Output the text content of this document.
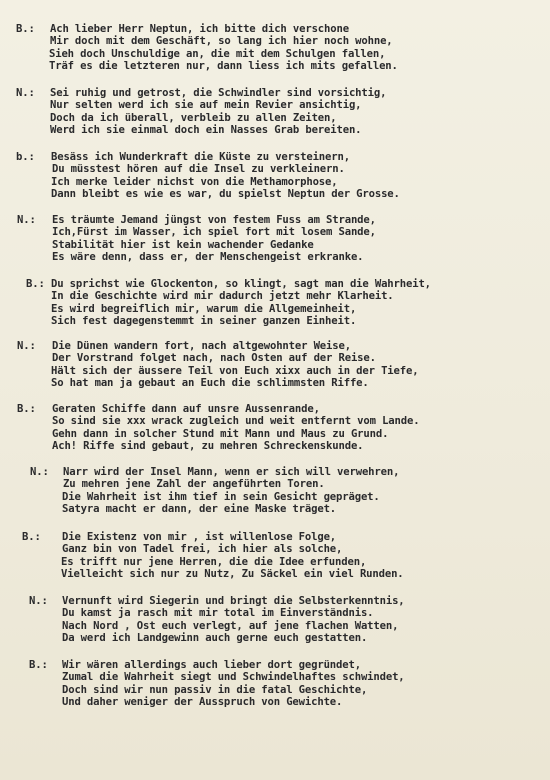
B.: Ach lieber Herr Neptun, ich bitte dich verschone
Mir doch mit dem Geschäft, so lang ich hier noch wohne,
Sieh doch Unschuldige an, die mit dem Schulgen fallen,
Träf es die letzteren nur, dann liess ich mits gefallen.
N.: Sei ruhig und getrost, die Schwindler sind vorsichtig,
Nur selten werd ich sie auf mein Revier ansichtig,
Doch da ich überall, verbleib zu allen Zeiten,
Werd ich sie einmal doch ein Nasses Grab bereiten.
b.: Besäss ich Wunderkraft die Küste zu versteinern,
Du müsstest hören auf die Insel zu verkleinern.
Ich merke leider nichst von die Methamorphose,
Dann bleibt es wie es war, du spielst Neptun der Grosse.
N.: Es träumte Jemand jüngst von festem Fuss am Strande,
Ich,Fürst im Wasser, ich spiel fort mit losem Sande,
Stabilität hier ist kein wachender Gedanke
Es wäre denn, dass er, der Menschengeist erkranke.
B.: Du sprichst wie Glockenton, so klingt, sagt man die Wahrheit,
In die Geschichte wird mir dadurch jetzt mehr Klarheit.
Es wird begreiflich mir, warum die Allgemeinheit,
Sich fest dagegenstemmt in seiner ganzen Einheit.
N.: Die Dünen wandern fort, nach altgewohnter Weise,
Der Vorstrand folget nach, nach Osten auf der Reise.
Hält sich der äussere Teil von Euch xixx auch in der Tiefe,
So hat man ja gebaut an Euch die schlimmsten Riffe.
B.: Geraten Schiffe dann auf unsre Aussenrande,
So sind sie xxx wrack zugleich und weit entfernt vom Lande.
Gehn dann in solcher Stund mit Mann und Maus zu Grund.
Ach! Riffe sind gebaut, zu mehren Schreckenskunde.
N.: Narr wird der Insel Mann, wenn er sich will verwehren,
Zu mehren jene Zahl der angeführten Toren.
Die Wahrheit ist ihm tief in sein Gesicht gepräget.
Satyra macht er dann, der eine Maske träget.
B.: Die Existenz von mir , ist willenlose Folge,
Ganz bin von Tadel frei, ich hier als solche,
Es trifft nur jene Herren, die die Idee erfunden,
Vielleicht sich nur zu Nutz, Zu Säckel ein viel Runden.
N.: Vernunft wird Siegerin und bringt die Selbsterkenntnis,
Du kamst ja rasch mit mir total im Einverständnis.
Nach Nord , Ost euch verlegt, auf jene flachen Watten,
Da werd ich Landgewinn auch gerne euch gestatten.
B.: Wir wären allerdings auch lieber dort gegründet,
Zumal die Wahrheit siegt und Schwindelhaftes schwindet,
Doch sind wir nun passiv in die fatal Geschichte,
Und daher weniger der Ausspruch von Gewichte.
